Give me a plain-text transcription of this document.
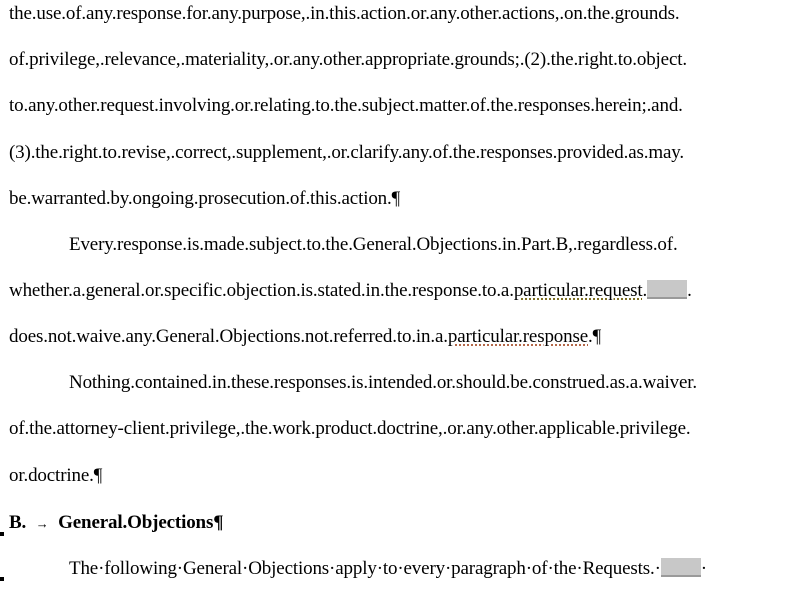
the.use.of.any.response.for.any.purpose,.in.this.action.or.any.other.actions,.on.the.grounds.
of.privilege,.relevance,.materiality,.or.any.other.appropriate.grounds;.(2).the.right.to.object.
to.any.other.request.involving.or.relating.to.the.subject.matter.of.the.responses.herein;.and.
(3).the.right.to.revise,.correct,.supplement,.or.clarify.any.of.the.responses.provided.as.may.
be.warranted.by.ongoing.prosecution.of.this.action.¶
Every.response.is.made.subject.to.the.General.Objections.in.Part.B,.regardless.of.
whether.a.general.or.specific.objection.is.stated.in.the.response.to.a.particular.request. .
does.not.waive.any.General.Objections.not.referred.to.in.a.particular.response.¶
Nothing.contained.in.these.responses.is.intended.or.should.be.construed.as.a.waiver.
of.the.attorney-client.privilege,.the.work.product.doctrine,.or.any.other.applicable.privilege.
or.doctrine.¶
B. → General.Objections¶
The·following·General·Objections·apply·to·every·paragraph·of·the·Requests.· ·
